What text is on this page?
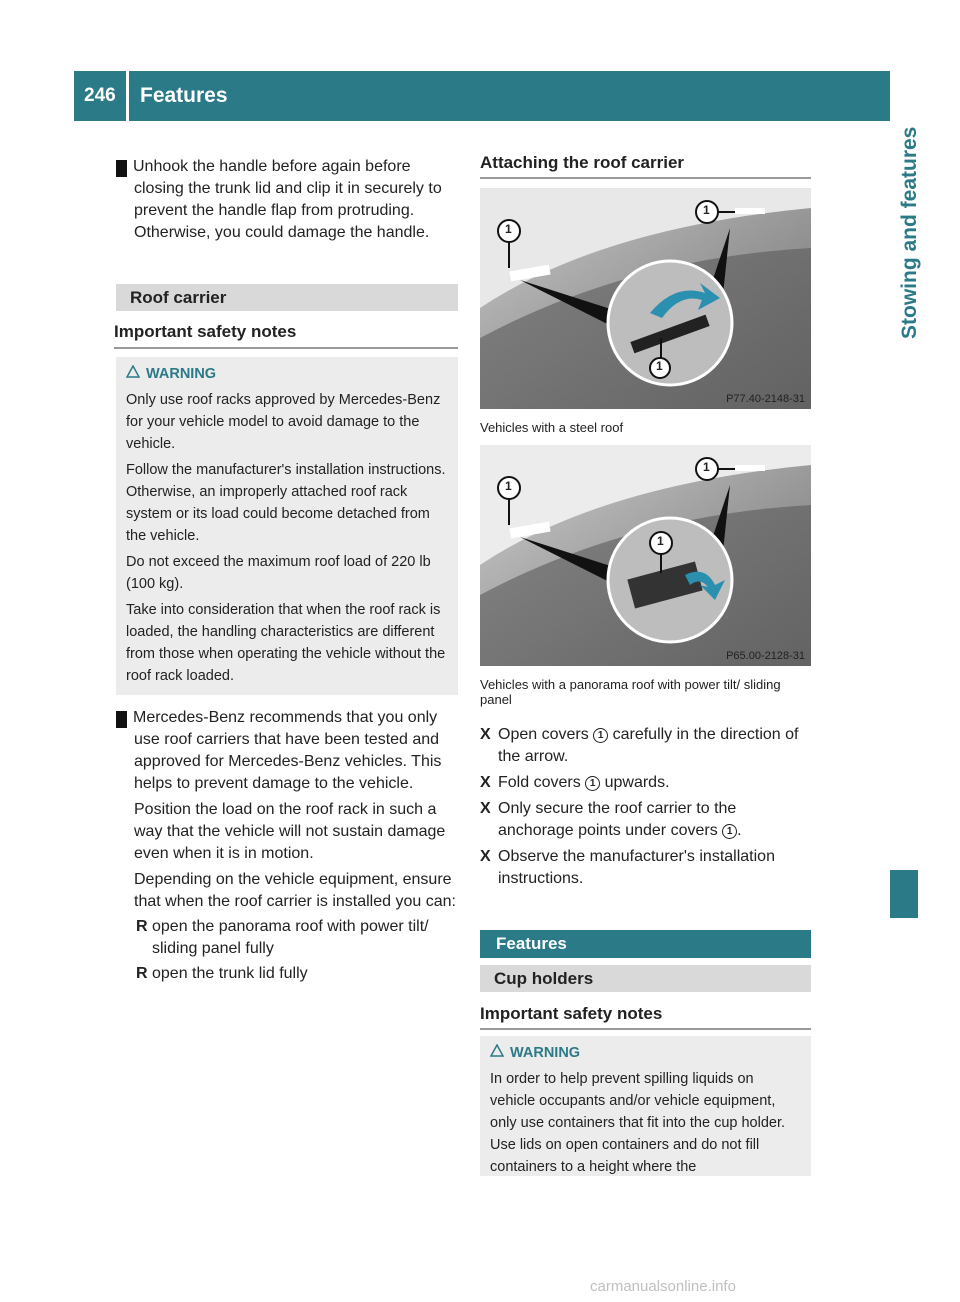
246 Features
Stowing and features
! Unhook the handle before again before closing the trunk lid and clip it in securely to prevent the handle flap from protruding. Otherwise, you could damage the handle.
Roof carrier
Important safety notes
WARNING

Only use roof racks approved by Mercedes-Benz for your vehicle model to avoid damage to the vehicle.

Follow the manufacturer's installation instructions. Otherwise, an improperly attached roof rack system or its load could become detached from the vehicle.

Do not exceed the maximum roof load of 220 lb (100 kg).

Take into consideration that when the roof rack is loaded, the handling characteristics are different from those when operating the vehicle without the roof rack loaded.

! Mercedes-Benz recommends that you only use roof carriers that have been tested and approved for Mercedes-Benz vehicles. This helps to prevent damage to the vehicle.

Position the load on the roof rack in such a way that the vehicle will not sustain damage even when it is in motion.

Depending on the vehicle equipment, ensure that when the roof carrier is installed you can:

R open the panorama roof with power tilt/ sliding panel fully
R open the trunk lid fully
Attaching the roof carrier
1
1
1
P77.40-2148-31
Vehicles with a steel roof
1
1
1
P65.00-2128-31
Vehicles with a panorama roof with power tilt/ sliding panel
X Open covers 1 carefully in the direction of the arrow.
X Fold covers 1 upwards.
X Only secure the roof carrier to the anchorage points under covers 1 .
X Observe the manufacturer's installation instructions.
Features
Cup holders
Important safety notes
WARNING

In order to help prevent spilling liquids on vehicle occupants and/or vehicle equipment, only use containers that fit into the cup holder. Use lids on open containers and do not fill containers to a height where the

carmanualsonline.info
